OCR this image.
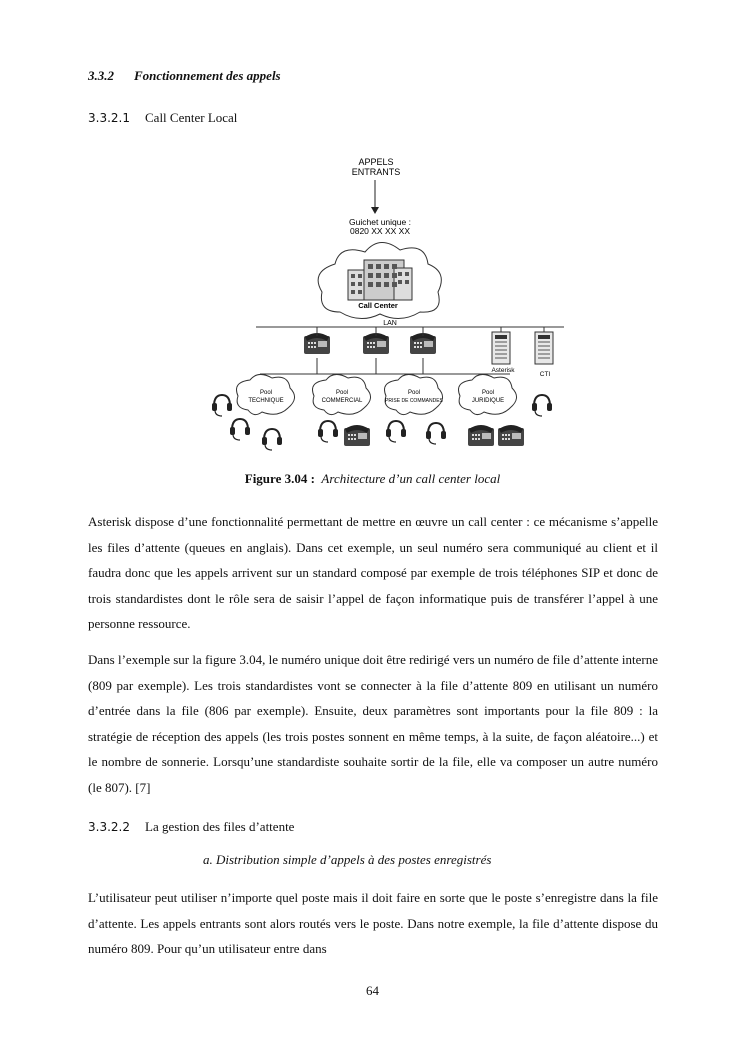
3.3.2 Fonctionnement des appels
3.3.2.1 Call Center Local
APPELS
ENTRANTS
Guichet unique :
0820 XX XX XX
Call Center
LAN
Asterisk
CTI
Pool
TECHNIQUE
Pool
COMMERCIAL
Pool
PRISE DE COMMANDES
Pool
JURIDIQUE
Figure 3.04 : Architecture d’un call center local

Asterisk dispose d’une fonctionnalité permettant de mettre en œuvre un call center : ce mécanisme s’appelle les files d’attente (queues en anglais). Dans cet exemple, un seul numéro sera communiqué au client et il faudra donc que les appels arrivent sur un standard composé par exemple de trois téléphones SIP et donc de trois standardistes dont le rôle sera de saisir l’appel de façon informatique puis de transférer l’appel à une personne ressource.

Dans l’exemple sur la figure 3.04, le numéro unique doit être redirigé vers un numéro de file d’attente interne (809 par exemple). Les trois standardistes vont se connecter à la file d’attente 809 en utilisant un numéro d’entrée dans la file (806 par exemple). Ensuite, deux paramètres sont importants pour la file 809 : la stratégie de réception des appels (les trois postes sonnent en même temps, à la suite, de façon aléatoire...) et le nombre de sonnerie. Lorsqu’une standardiste souhaite sortir de la file, elle va composer un autre numéro (le 807). [7]

3.3.2.2 La gestion des files d’attente
a. Distribution simple d’appels à des postes enregistrés

L’utilisateur peut utiliser n’importe quel poste mais il doit faire en sorte que le poste s’enregistre dans la file d’attente. Les appels entrants sont alors routés vers le poste. Dans notre exemple, la file d’attente dispose du numéro 809. Pour qu’un utilisateur entre dans

64
